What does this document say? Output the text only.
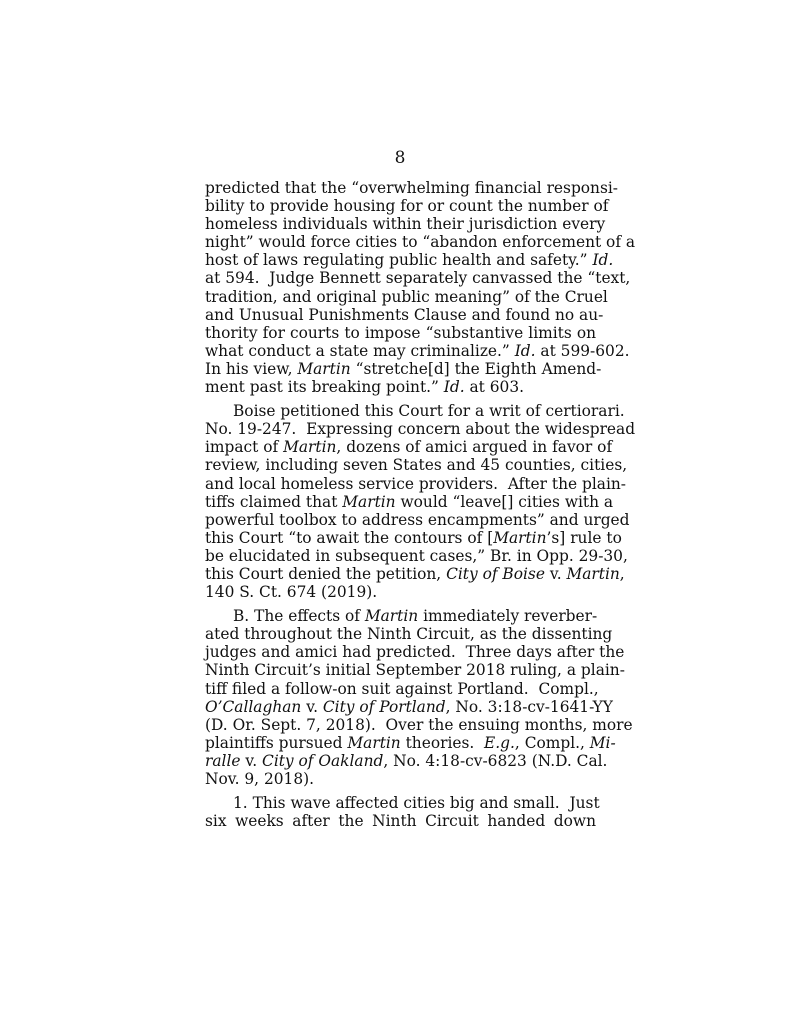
8
predicted that the “overwhelming financial responsi-
bility to provide housing for or count the number of
homeless individuals within their jurisdiction every
night” would force cities to “abandon enforcement of a
host of laws regulating public health and safety.” Id.
at 594.  Judge Bennett separately canvassed the “text,
tradition, and original public meaning” of the Cruel
and Unusual Punishments Clause and found no au-
thority for courts to impose “substantive limits on
what conduct a state may criminalize.” Id. at 599-602.
In his view, Martin “stretche[d] the Eighth Amend-
ment past its breaking point.” Id. at 603.
Boise petitioned this Court for a writ of certiorari.
No. 19-247.  Expressing concern about the widespread
impact of Martin, dozens of amici argued in favor of
review, including seven States and 45 counties, cities,
and local homeless service providers.  After the plain-
tiffs claimed that Martin would “leave[] cities with a
powerful toolbox to address encampments” and urged
this Court “to await the contours of [Martin’s] rule to
be elucidated in subsequent cases,” Br. in Opp. 29-30,
this Court denied the petition, City of Boise v. Martin,
140 S. Ct. 674 (2019).
B. The effects of Martin immediately reverber-
ated throughout the Ninth Circuit, as the dissenting
judges and amici had predicted.  Three days after the
Ninth Circuit’s initial September 2018 ruling, a plain-
tiff filed a follow-on suit against Portland.  Compl.,
O’Callaghan v. City of Portland, No. 3:18-cv-1641-YY
(D. Or. Sept. 7, 2018).  Over the ensuing months, more
plaintiffs pursued Martin theories.  E.g., Compl., Mi-
ralle v. City of Oakland, No. 4:18-cv-6823 (N.D. Cal.
Nov. 9, 2018).
1. This wave affected cities big and small.  Just
six weeks after the Ninth Circuit handed down
